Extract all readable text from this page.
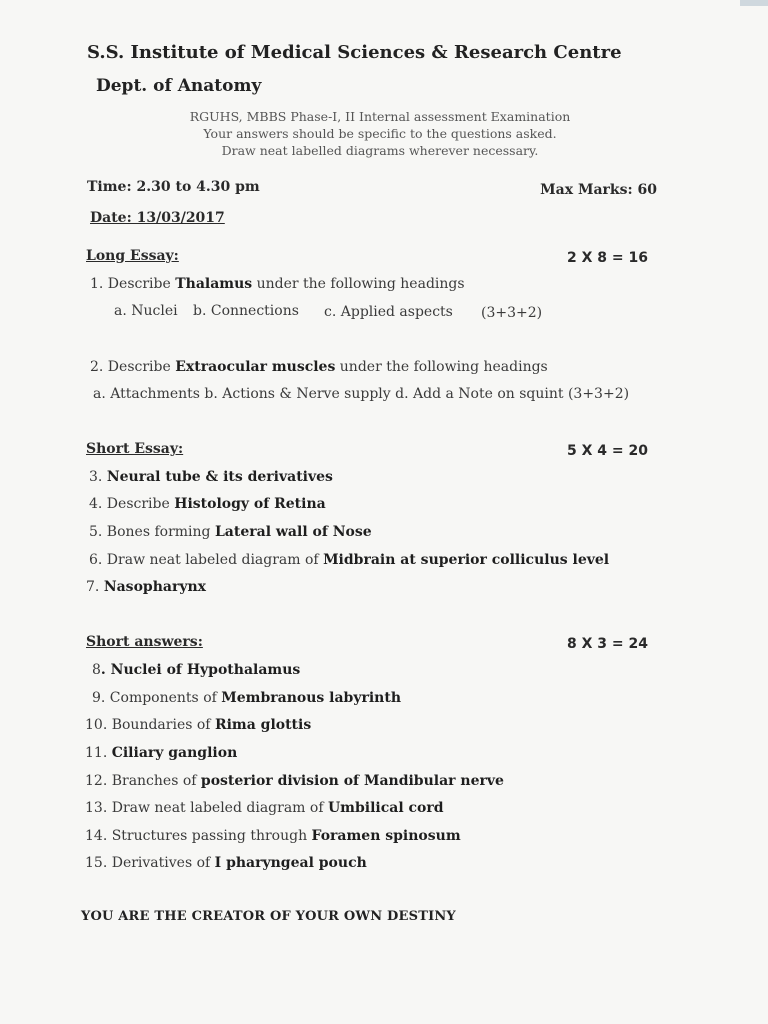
S.S. Institute of Medical Sciences & Research Centre
Dept. of Anatomy
RGUHS, MBBS Phase-I, II Internal assessment Examination
Your answers should be specific to the questions asked.
Draw neat labelled diagrams wherever necessary.
Time: 2.30 to 4.30 pm	Max Marks: 60
Date: 13/03/2017
Long Essay:	2 X 8 = 16
1. Describe Thalamus under the following headings
a. Nuclei b. Connections c. Applied aspects (3+3+2)
2. Describe Extraocular muscles under the following headings
a. Attachments b. Actions & Nerve supply d. Add a Note on squint (3+3+2)
Short Essay:	5 X 4 = 20
3. Neural tube & its derivatives
4. Describe Histology of Retina
5. Bones forming Lateral wall of Nose
6. Draw neat labeled diagram of Midbrain at superior colliculus level
7. Nasopharynx
Short answers:	8 X 3 = 24
8. Nuclei of Hypothalamus
9. Components of Membranous labyrinth
10. Boundaries of Rima glottis
11. Ciliary ganglion
12. Branches of posterior division of Mandibular nerve
13. Draw neat labeled diagram of Umbilical cord
14. Structures passing through Foramen spinosum
15. Derivatives of I pharyngeal pouch
YOU ARE THE CREATOR OF YOUR OWN DESTINY
